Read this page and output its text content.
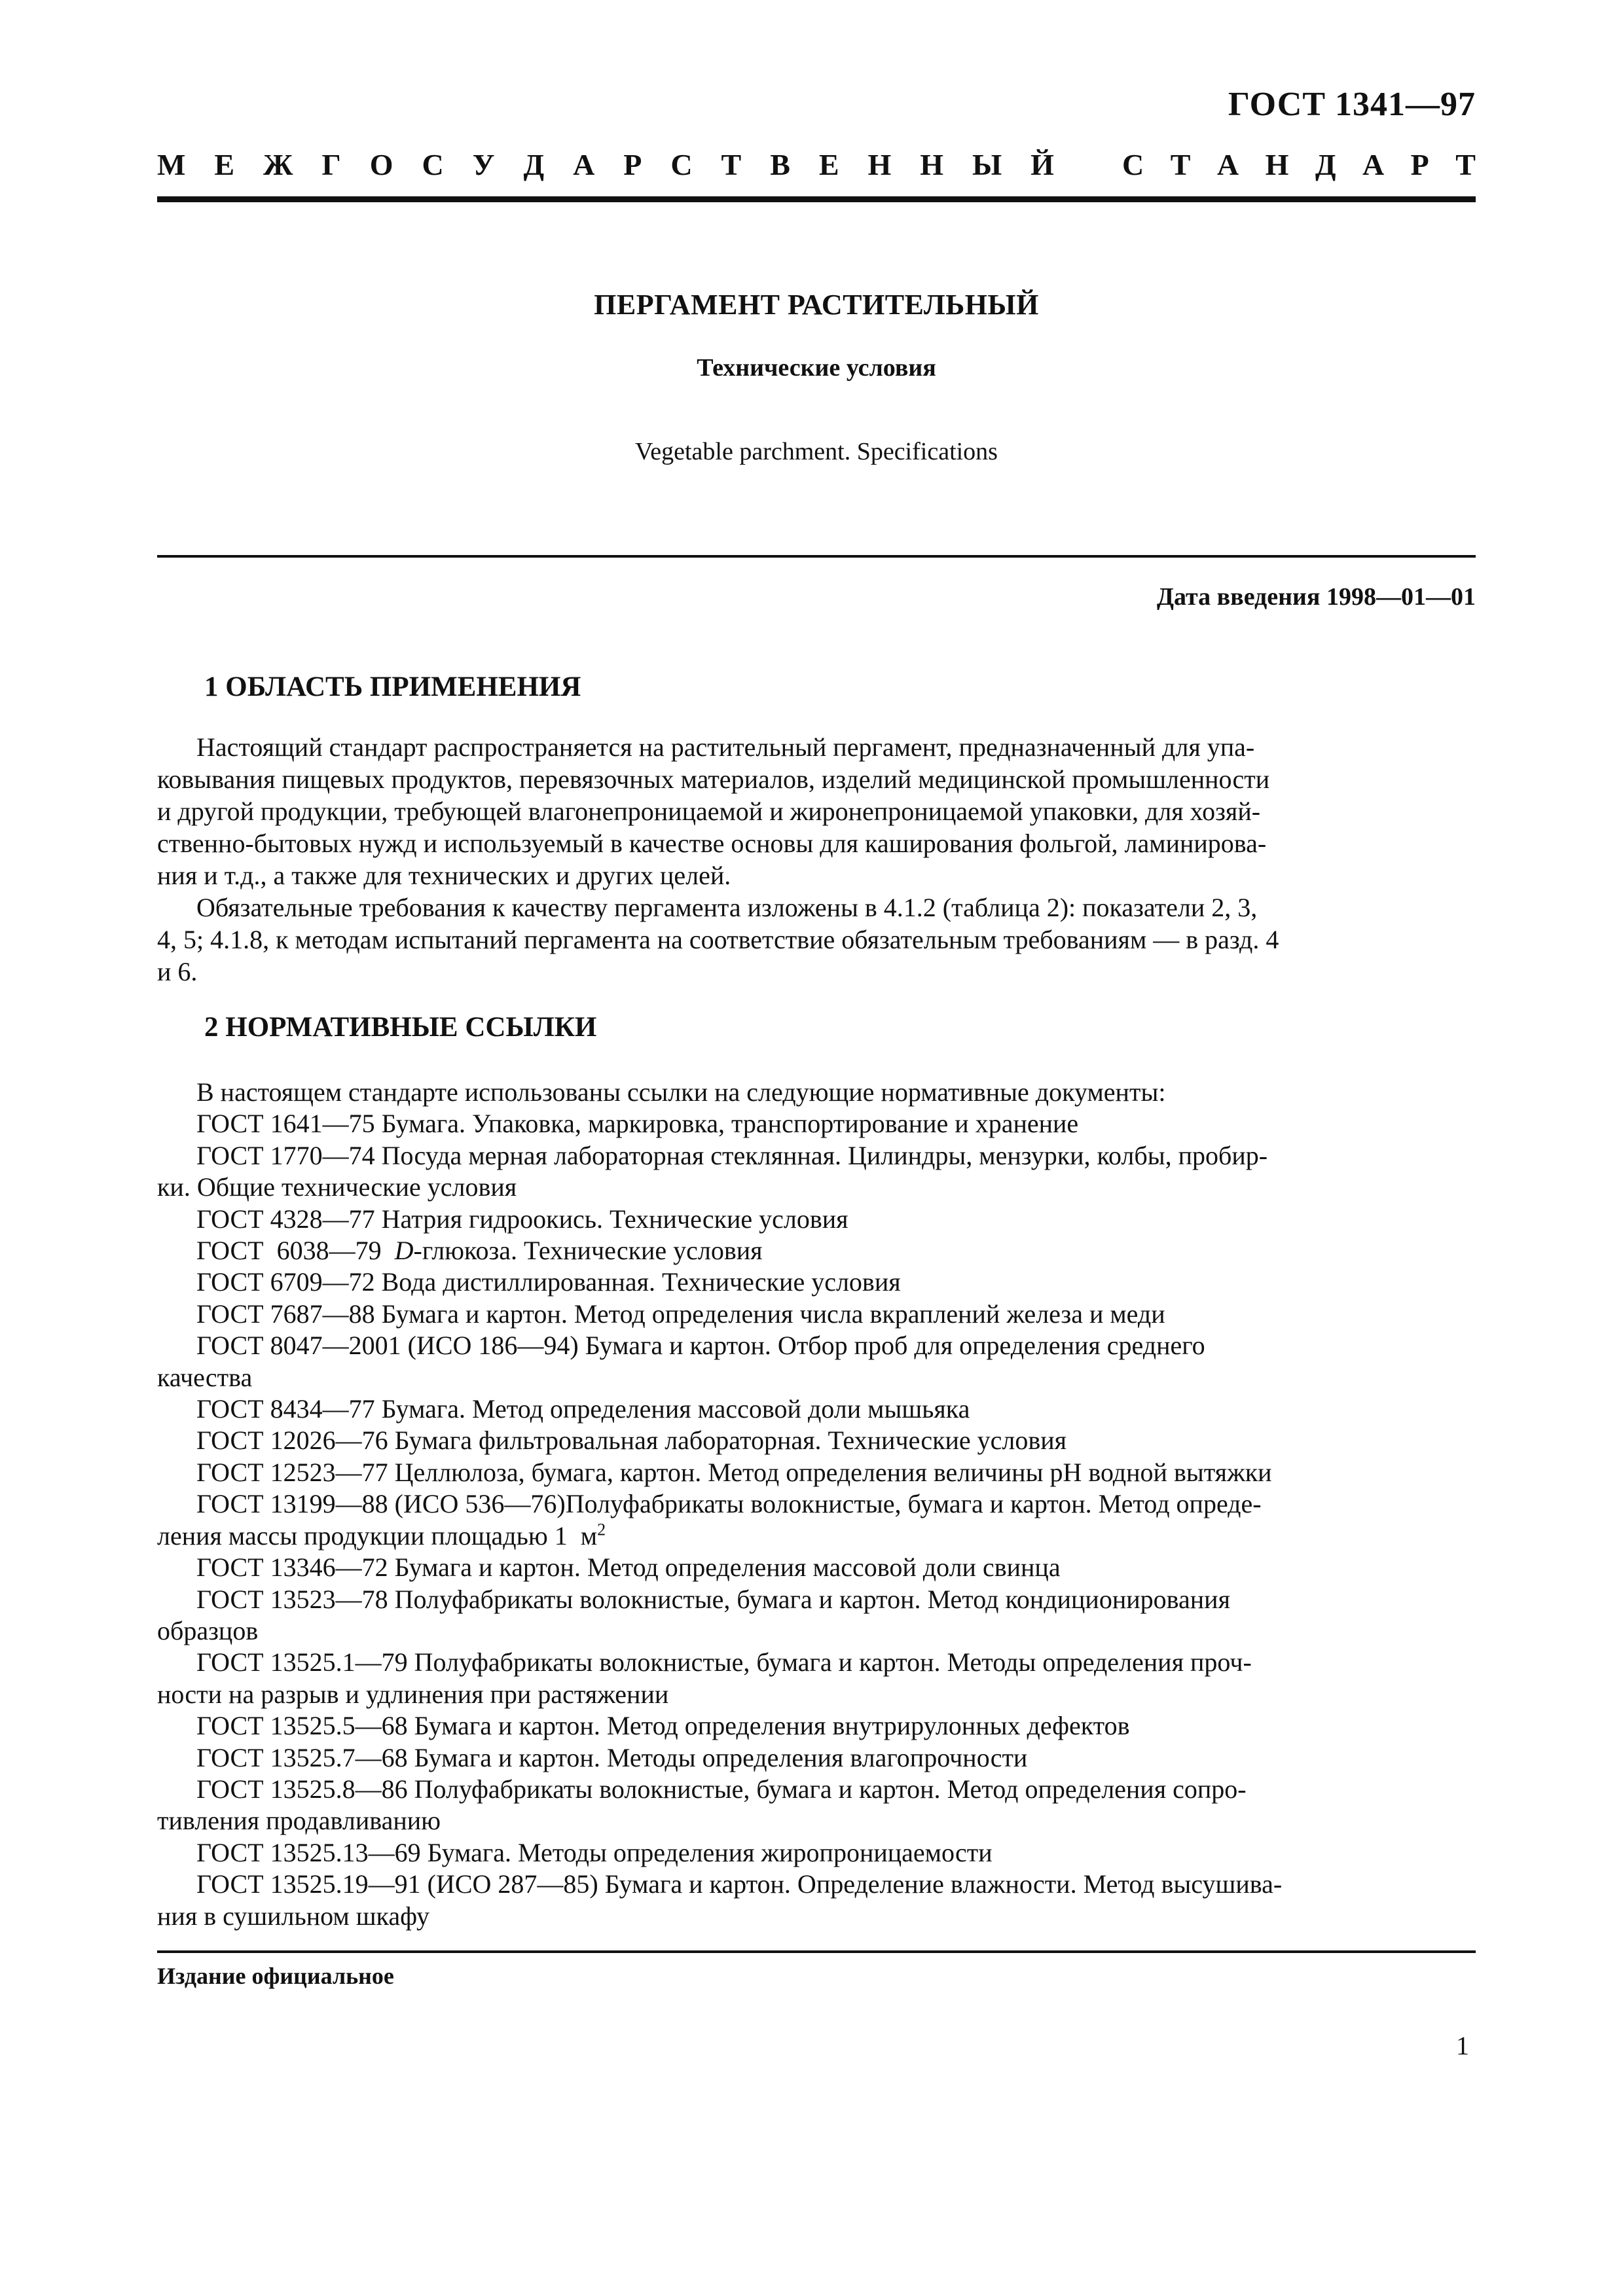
ГОСТ 1341—97
М Е Ж Г О С У Д А Р С Т В Е Н Н Ы Й С Т А Н Д А Р Т
ПЕРГАМЕНТ РАСТИТЕЛЬНЫЙ
Технические условия
Vegetable parchment. Specifications
Дата введения 1998—01—01
1 ОБЛАСТЬ ПРИМЕНЕНИЯ
Настоящий стандарт распространяется на растительный пергамент, предназначенный для упа-
ковывания пищевых продуктов, перевязочных материалов, изделий медицинской промышленности
и другой продукции, требующей влагонепроницаемой и жиронепроницаемой упаковки, для хозяй-
ственно-бытовых нужд и используемый в качестве основы для каширования фольгой, ламинирова-
ния и т.д., а также для технических и других целей.
Обязательные требования к качеству пергамента изложены в 4.1.2 (таблица 2): показатели 2, 3,
4, 5; 4.1.8, к методам испытаний пергамента на соответствие обязательным требованиям — в разд. 4
и 6.
2 НОРМАТИВНЫЕ ССЫЛКИ
В настоящем стандарте использованы ссылки на следующие нормативные документы:
ГОСТ 1641—75 Бумага. Упаковка, маркировка, транспортирование и хранение
ГОСТ 1770—74 Посуда мерная лабораторная стеклянная. Цилиндры, мензурки, колбы, пробир-
ки. Общие технические условия
ГОСТ 4328—77 Натрия гидроокись. Технические условия
ГОСТ  6038—79  D-глюкоза. Технические условия
ГОСТ 6709—72 Вода дистиллированная. Технические условия
ГОСТ 7687—88 Бумага и картон. Метод определения числа вкраплений железа и меди
ГОСТ 8047—2001 (ИСО 186—94) Бумага и картон. Отбор проб для определения среднего
качества
ГОСТ 8434—77 Бумага. Метод определения массовой доли мышьяка
ГОСТ 12026—76 Бумага фильтровальная лабораторная. Технические условия
ГОСТ 12523—77 Целлюлоза, бумага, картон. Метод определения величины pH водной вытяжки
ГОСТ 13199—88 (ИСО 536—76)Полуфабрикаты волокнистые, бумага и картон. Метод опреде-
ления массы продукции площадью 1  $м^2$
ГОСТ 13346—72 Бумага и картон. Метод определения массовой доли свинца
ГОСТ 13523—78 Полуфабрикаты волокнистые, бумага и картон. Метод кондиционирования
образцов
ГОСТ 13525.1—79 Полуфабрикаты волокнистые, бумага и картон. Методы определения проч-
ности на разрыв и удлинения при растяжении
ГОСТ 13525.5—68 Бумага и картон. Метод определения внутрирулонных дефектов
ГОСТ 13525.7—68 Бумага и картон. Методы определения влагопрочности
ГОСТ 13525.8—86 Полуфабрикаты волокнистые, бумага и картон. Метод определения сопро-
тивления продавливанию
ГОСТ 13525.13—69 Бумага. Методы определения жиропроницаемости
ГОСТ 13525.19—91 (ИСО 287—85) Бумага и картон. Определение влажности. Метод высушива-
ния в сушильном шкафу
Издание официальное
1
